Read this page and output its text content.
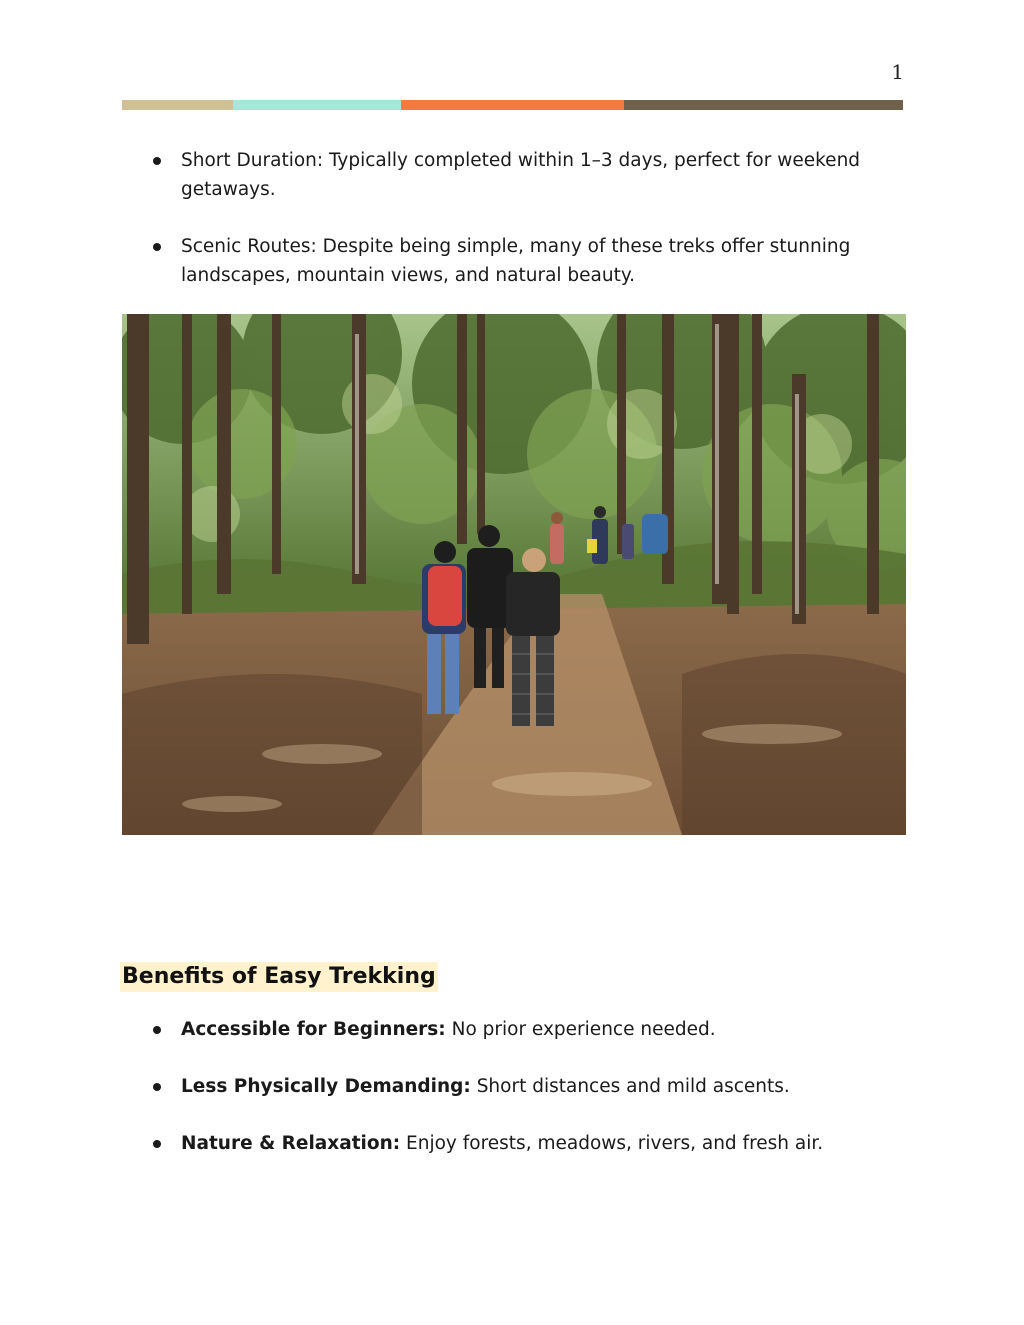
1
Short Duration: Typically completed within 1–3 days, perfect for weekend getaways.
Scenic Routes: Despite being simple, many of these treks offer stunning landscapes, mountain views, and natural beauty.
Benefits of Easy Trekking
Accessible for Beginners: No prior experience needed.
Less Physically Demanding: Short distances and mild ascents.
Nature & Relaxation: Enjoy forests, meadows, rivers, and fresh air.
